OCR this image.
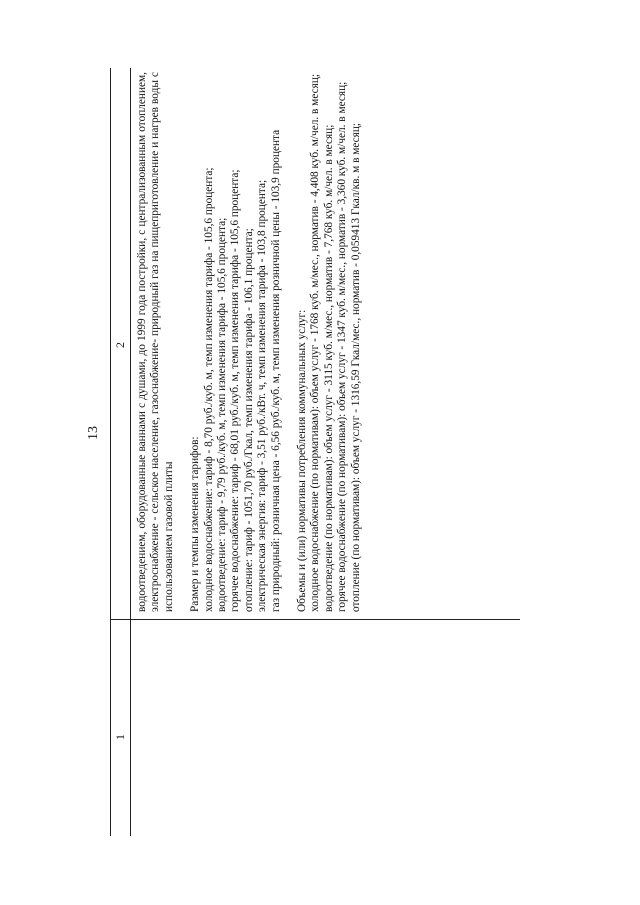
13
1
2 водоотведением, оборудованные ваннами с душами, до 1999 года постройки, с централизованным отоплением, электроснабжение - сельское население, газоснабжение- природный газ на пищеприготовление и нагрев воды с использованием газовой плиты Размер и темпы изменения тарифов: холодное водоснабжение: тариф - 8,70 руб./куб. м, темп изменения тарифа - 105,6 процента; водоотведение: тариф - 9,79 руб./куб. м, темп изменения тарифа - 105,6 процента; горячее водоснабжение: тариф - 68,01 руб./куб. м, темп изменения тарифа - 105,6 процента; отопление: тариф - 1051,70 руб./Гкал, темп изменения тарифа - 106,1 процента; электрическая энергия: тариф - 3,51 руб./кВт. ч, темп изменения тарифа - 103,8 процента; газ природный: розничная цена - 6,56 руб./куб. м, темп изменения розничной цены - 103,9 процента Объемы и (или) нормативы потребления коммунальных услуг: холодное водоснабжение (по нормативам): объем услуг - 1768 куб. м/мес., норматив - 4,408 куб. м/чел. в месяц; водоотведение (по нормативам): объем услуг - 3115 куб. м/мес., норматив - 7,768 куб. м/чел. в месяц; горячее водоснабжение (по нормативам): объем услуг - 1347 куб. м/мес., норматив - 3,360 куб. м/чел. в месяц; отопление (по нормативам): объем услуг - 1316,59 Гкал/мес., норматив - 0,059413 Гкал/кв. м в месяц;
